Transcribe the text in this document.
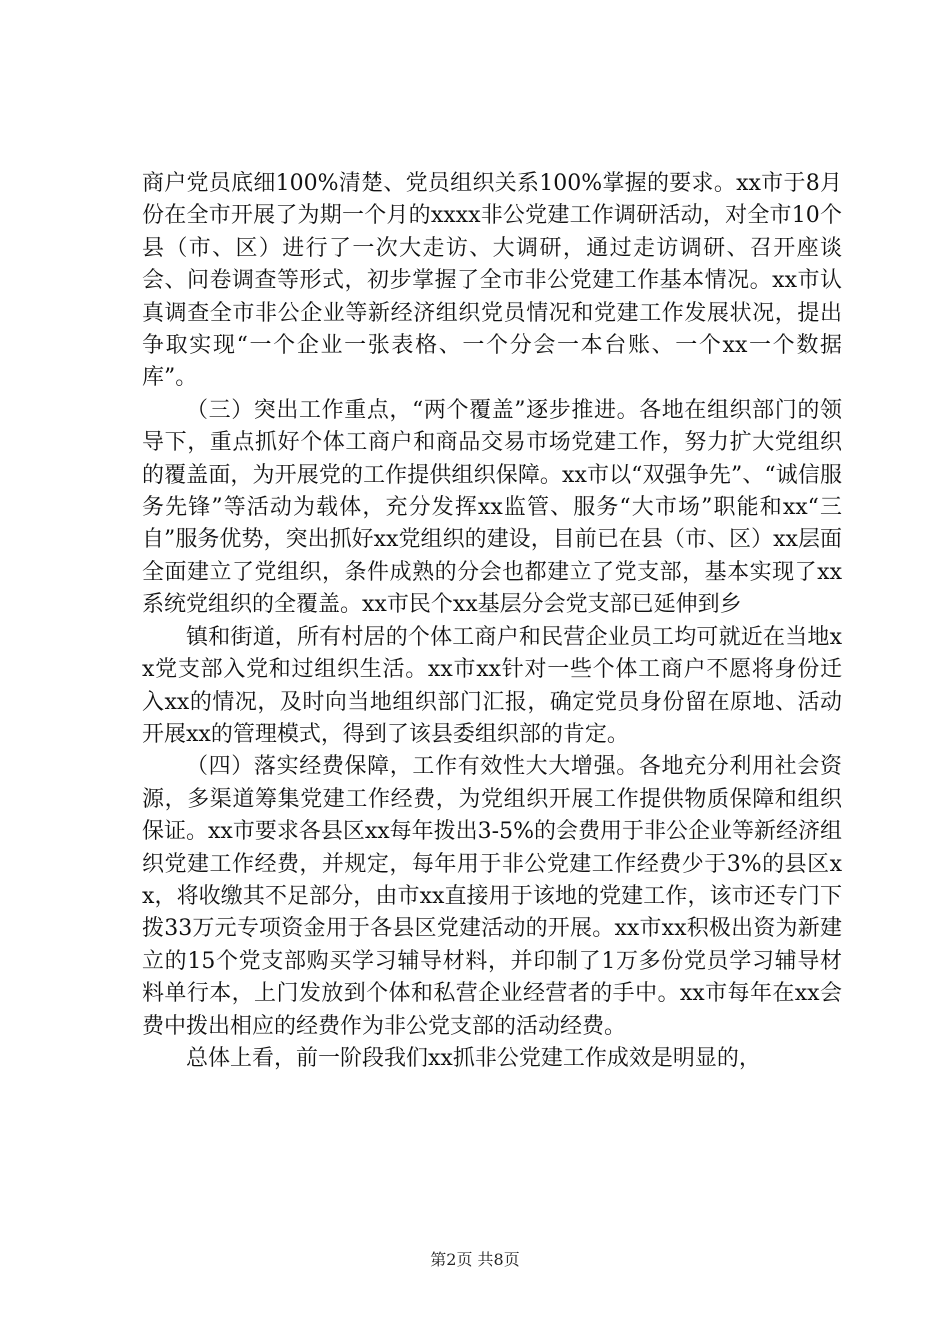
商户党员底细100%清楚、党员组织关系100%掌握的要求。xx市于8月份在全市开展了为期一个月的xxxx非公党建工作调研活动，对全市10个县（市、区）进行了一次大走访、大调研，通过走访调研、召开座谈会、问卷调查等形式，初步掌握了全市非公党建工作基本情况。xx市认真调查全市非公企业等新经济组织党员情况和党建工作发展状况，提出争取实现“一个企业一张表格、一个分会一本台账、一个xx一个数据库”。

（三）突出工作重点，“两个覆盖”逐步推进。各地在组织部门的领导下，重点抓好个体工商户和商品交易市场党建工作，努力扩大党组织的覆盖面，为开展党的工作提供组织保障。xx市以“双强争先”、“诚信服务先锋”等活动为载体，充分发挥xx监管、服务“大市场”职能和xx“三自”服务优势，突出抓好xx党组织的建设，目前已在县（市、区）xx层面全面建立了党组织，条件成熟的分会也都建立了党支部，基本实现了xx系统党组织的全覆盖。xx市民个xx基层分会党支部已延伸到乡

镇和街道，所有村居的个体工商户和民营企业员工均可就近在当地xx党支部入党和过组织生活。xx市xx针对一些个体工商户不愿将身份迁入xx的情况，及时向当地组织部门汇报，确定党员身份留在原地、活动开展xx的管理模式，得到了该县委组织部的肯定。

（四）落实经费保障，工作有效性大大增强。各地充分利用社会资源，多渠道筹集党建工作经费，为党组织开展工作提供物质保障和组织保证。xx市要求各县区xx每年拨出3-5%的会费用于非公企业等新经济组织党建工作经费，并规定，每年用于非公党建工作经费少于3%的县区xx，将收缴其不足部分，由市xx直接用于该地的党建工作，该市还专门下拨33万元专项资金用于各县区党建活动的开展。xx市xx积极出资为新建立的15个党支部购买学习辅导材料，并印制了1万多份党员学习辅导材料单行本，上门发放到个体和私营企业经营者的手中。xx市每年在xx会费中拨出相应的经费作为非公党支部的活动经费。

总体上看，前一阶段我们xx抓非公党建工作成效是明显的，

第2页 共8页
